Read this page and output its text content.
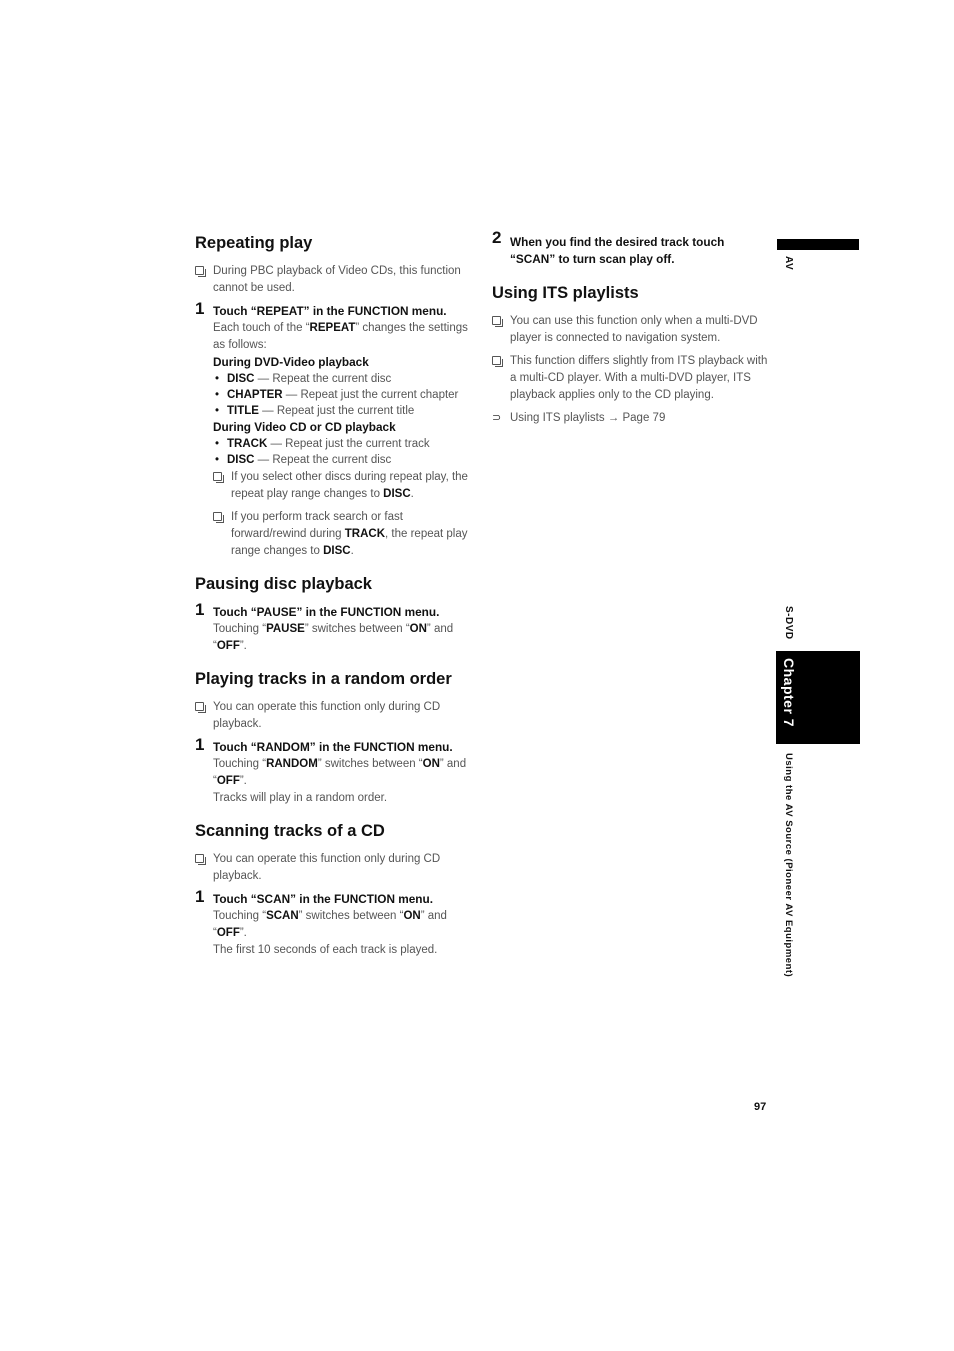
Repeating play
During PBC playback of Video CDs, this function cannot be used.
1 Touch “REPEAT” in the FUNCTION menu.
Each touch of the “REPEAT” changes the settings as follows:
During DVD-Video playback
• DISC — Repeat the current disc
• CHAPTER — Repeat just the current chapter
• TITLE — Repeat just the current title
During Video CD or CD playback
• TRACK — Repeat just the current track
• DISC — Repeat the current disc
If you select other discs during repeat play, the repeat play range changes to DISC.
If you perform track search or fast forward/rewind during TRACK, the repeat play range changes to DISC.
Pausing disc playback
1 Touch “PAUSE” in the FUNCTION menu.
Touching “PAUSE” switches between “ON” and “OFF”.
Playing tracks in a random order
You can operate this function only during CD playback.
1 Touch “RANDOM” in the FUNCTION menu.
Touching “RANDOM” switches between “ON” and “OFF”.
Tracks will play in a random order.
Scanning tracks of a CD
You can operate this function only during CD playback.
1 Touch “SCAN” in the FUNCTION menu.
Touching “SCAN” switches between “ON” and “OFF”.
The first 10 seconds of each track is played.
2 When you find the desired track touch “SCAN” to turn scan play off.
Using ITS playlists
You can use this function only when a multi-DVD player is connected to navigation system.
This function differs slightly from ITS playback with a multi-CD player. With a multi-DVD player, ITS playback applies only to the CD playing.
⊃ Using ITS playlists → Page 79
AV
S-DVD
Chapter 7
Using the AV Source (Pioneer AV Equipment)
97
